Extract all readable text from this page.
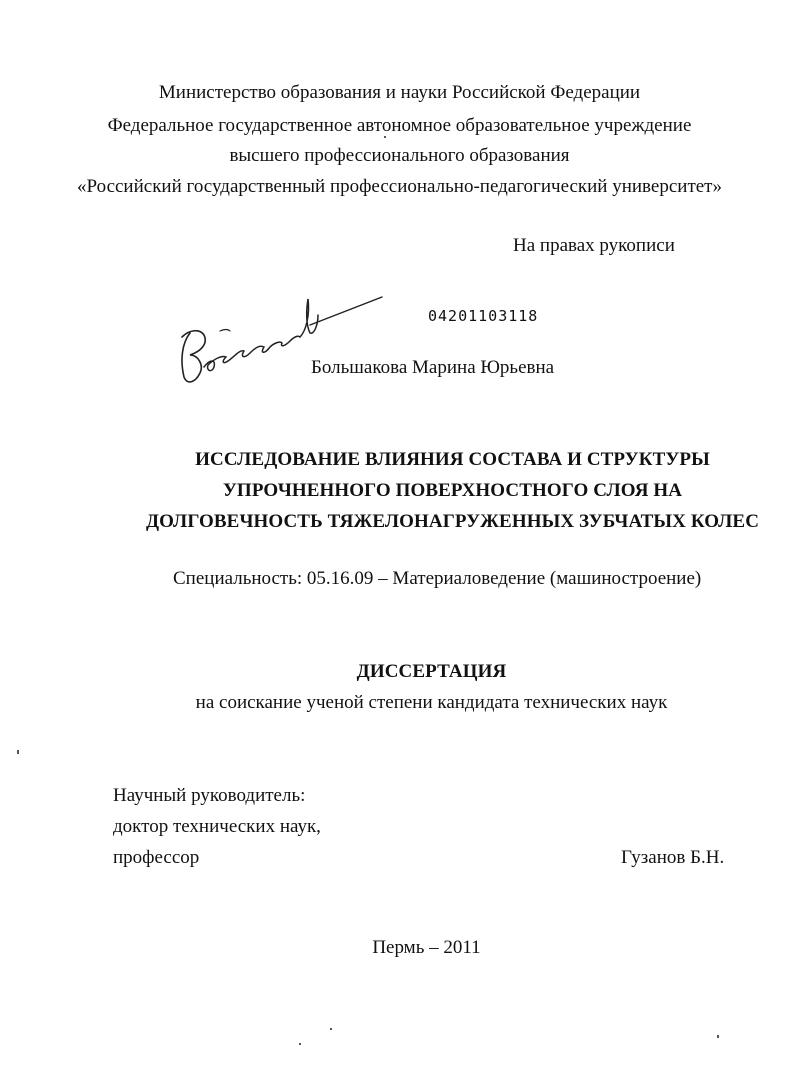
Министерство образования и науки Российской Федерации
Федеральное государственное автономное образовательное учреждение
высшего профессионального образования
«Российский государственный профессионально-педагогический университет»
На правах рукописи
04201103118
Большакова Марина Юрьевна
ИССЛЕДОВАНИЕ ВЛИЯНИЯ СОСТАВА И СТРУКТУРЫ
УПРОЧНЕННОГО ПОВЕРХНОСТНОГО СЛОЯ НА
ДОЛГОВЕЧНОСТЬ ТЯЖЕЛОНАГРУЖЕННЫХ ЗУБЧАТЫХ КОЛЕС
Специальность: 05.16.09 – Материаловедение (машиностроение)
ДИССЕРТАЦИЯ
на соискание ученой степени кандидата технических наук
Научный руководитель:
доктор технических наук,
профессор	Гузанов Б.Н.
Пермь – 2011
